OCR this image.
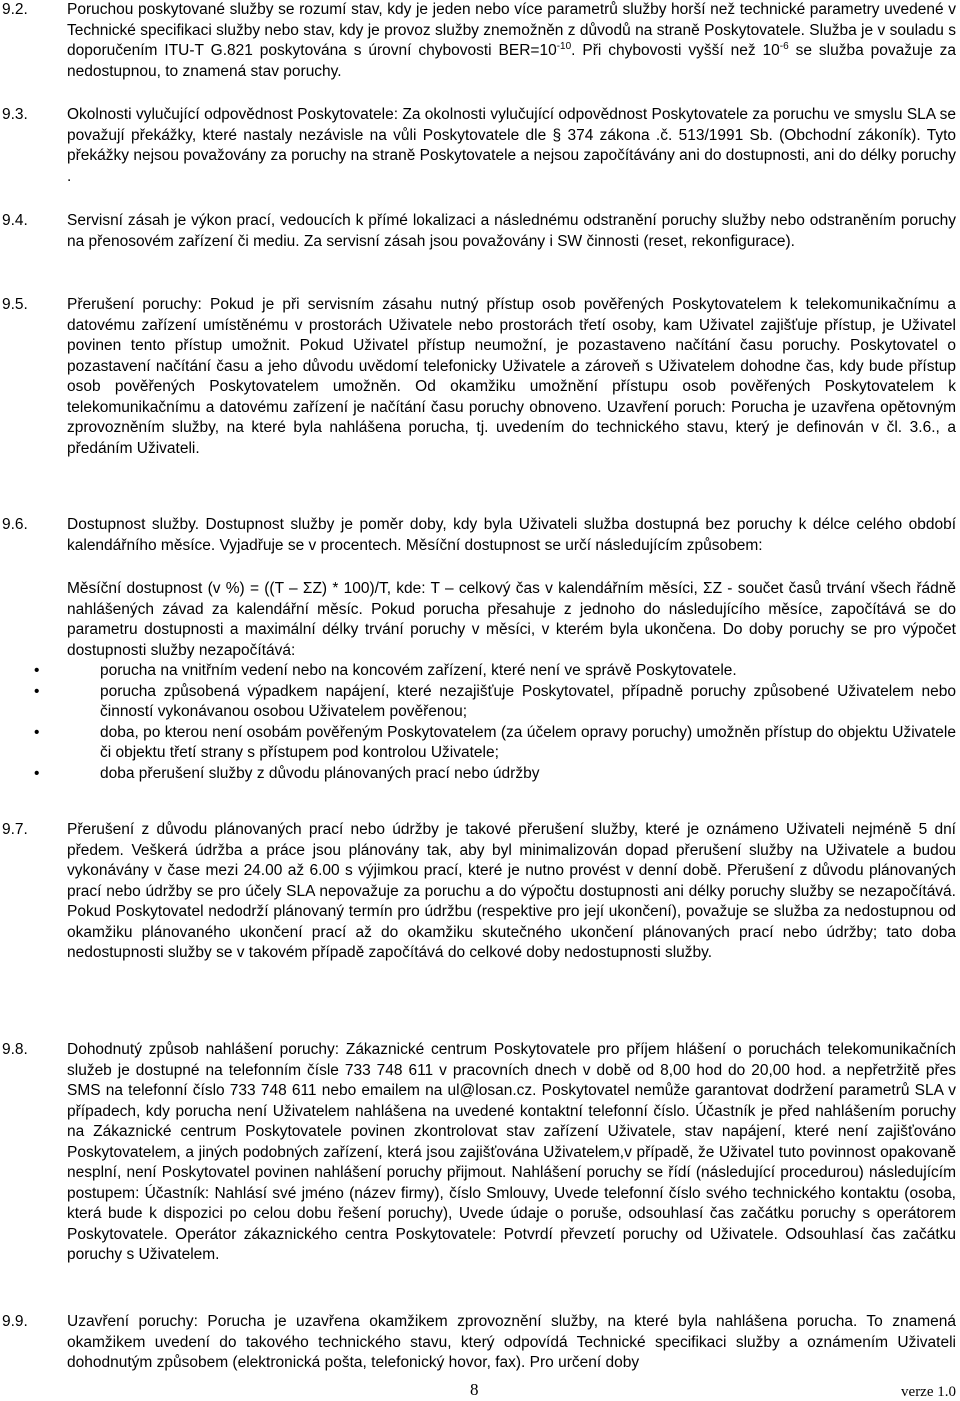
9.2.	Poruchou poskytované služby se rozumí stav, kdy je jeden nebo více parametrů služby horší než technické parametry uvedené v Technické specifikaci služby nebo stav, kdy je provoz služby znemožněn z důvodů na straně Poskytovatele. Služba je v souladu s doporučením ITU-T G.821 poskytována s úrovní chybovosti $BER=10^{-10}$. Při chybovosti vyšší než $10^{-6}$ se služba považuje za nedostupnou, to znamená stav poruchy.

9.3.	Okolnosti vylučující odpovědnost Poskytovatele: Za okolnosti vylučující odpovědnost Poskytovatele za poruchu ve smyslu SLA se považují překážky, které nastaly nezávisle na vůli Poskytovatele dle § 374 zákona .č. 513/1991 Sb. (Obchodní zákoník). Tyto překážky nejsou považovány za poruchy na straně Poskytovatele a nejsou započítávány ani do dostupnosti, ani do délky poruchy .

9.4.	Servisní zásah je výkon prací, vedoucích k přímé lokalizaci a následnému odstranění poruchy služby nebo odstraněním poruchy na přenosovém zařízení či mediu. Za servisní zásah jsou považovány i SW činnosti (reset, rekonfigurace).

9.5.	Přerušení poruchy: Pokud je při servisním zásahu nutný přístup osob pověřených Poskytovatelem k telekomunikačnímu a datovému zařízení umístěnému v prostorách Uživatele nebo prostorách třetí osoby, kam Uživatel zajišťuje přístup, je Uživatel povinen tento přístup umožnit. Pokud Uživatel přístup neumožní, je pozastaveno načítání času poruchy. Poskytovatel o pozastavení načítání času a jeho důvodu uvědomí telefonicky Uživatele a zároveň s Uživatelem dohodne čas, kdy bude přístup osob pověřených Poskytovatelem umožněn. Od okamžiku umožnění přístupu osob pověřených Poskytovatelem k telekomunikačnímu a datovému zařízení je načítání času poruchy obnoveno. Uzavření poruch: Porucha je uzavřena opětovným zprovozněním služby, na které byla nahlášena porucha, tj. uvedením do technického stavu, který je definován v čl. 3.6., a předáním Uživateli.

9.6.	Dostupnost služby. Dostupnost služby je poměr doby, kdy byla Uživateli služba dostupná bez poruchy k délce celého období kalendářního měsíce. Vyjadřuje se v procentech. Měsíční dostupnost se určí následujícím způsobem:

Měsíční dostupnost (v %) = ((T – ΣZ) * 100)/T, kde: T – celkový čas v kalendářním měsíci, ΣZ - součet časů trvání všech řádně nahlášených závad za kalendářní měsíc. Pokud porucha přesahuje z jednoho do následujícího měsíce, započítává se do parametru dostupnosti a maximální délky trvání poruchy v měsíci, v kterém byla ukončena. Do doby poruchy se pro výpočet dostupnosti služby nezapočítává:

•	porucha na vnitřním vedení nebo na koncovém zařízení, které není ve správě Poskytovatele.
•	porucha způsobená výpadkem napájení, které nezajišťuje Poskytovatel, případně poruchy způsobené Uživatelem nebo činností vykonávanou osobou Uživatelem pověřenou;
•	doba, po kterou není osobám pověřeným Poskytovatelem (za účelem opravy poruchy) umožněn přístup do objektu Uživatele či objektu třetí strany s přístupem pod kontrolou Uživatele;
•	doba přerušení služby z důvodu plánovaných prací nebo údržby
9.7.	Přerušení z důvodu plánovaných prací nebo údržby je takové přerušení služby, které je oznámeno Uživateli nejméně 5 dní předem. Veškerá údržba a práce jsou plánovány tak, aby byl minimalizován dopad přerušení služby na Uživatele a budou vykonávány v čase mezi 24.00 až 6.00 s výjimkou prací, které je nutno provést v denní době. Přerušení z důvodu plánovaných prací nebo údržby se pro účely SLA nepovažuje za poruchu a do výpočtu dostupnosti ani délky poruchy služby se nezapočítává. Pokud Poskytovatel nedodrží plánovaný termín pro údržbu (respektive pro její ukončení), považuje se služba za nedostupnou od okamžiku plánovaného ukončení prací až do okamžiku skutečného ukončení plánovaných prací nebo údržby; tato doba nedostupnosti služby se v takovém případě započítává do celkové doby nedostupnosti služby.

9.8.	Dohodnutý způsob nahlášení poruchy: Zákaznické centrum Poskytovatele pro příjem hlášení o poruchách telekomunikačních služeb je dostupné na telefonním čísle 733 748 611 v pracovních dnech v době od 8,00 hod do 20,00 hod. a nepřetržitě přes SMS na telefonní číslo 733 748 611 nebo emailem na ul@losan.cz. Poskytovatel nemůže garantovat dodržení parametrů SLA v případech, kdy porucha není Uživatelem nahlášena na uvedené kontaktní telefonní číslo. Účastník je před nahlášením poruchy na Zákaznické centrum Poskytovatele povinen zkontrolovat stav zařízení Uživatele, stav napájení, které není zajišťováno Poskytovatelem, a jiných podobných zařízení, která jsou zajišťována Uživatelem,v případě, že Uživatel tuto povinnost opakovaně nesplní, není Poskytovatel povinen nahlášení poruchy přijmout. Nahlášení poruchy se řídí (následující procedurou) následujícím postupem: Účastník: Nahlásí své jméno (název firmy), číslo Smlouvy, Uvede telefonní číslo svého technického kontaktu (osoba, která bude k dispozici po celou dobu řešení poruchy), Uvede údaje o poruše, odsouhlasí čas začátku poruchy s operátorem Poskytovatele. Operátor zákaznického centra Poskytovatele: Potvrdí převzetí poruchy od Uživatele. Odsouhlasí čas začátku poruchy s Uživatelem.

9.9.	Uzavření poruchy: Porucha je uzavřena okamžikem zprovoznění služby, na které byla nahlášena porucha. To znamená okamžikem uvedení do takového technického stavu, který odpovídá Technické specifikaci služby a oznámením Uživateli dohodnutým způsobem (elektronická pošta, telefonický hovor, fax). Pro určení doby

8	verze 1.0
